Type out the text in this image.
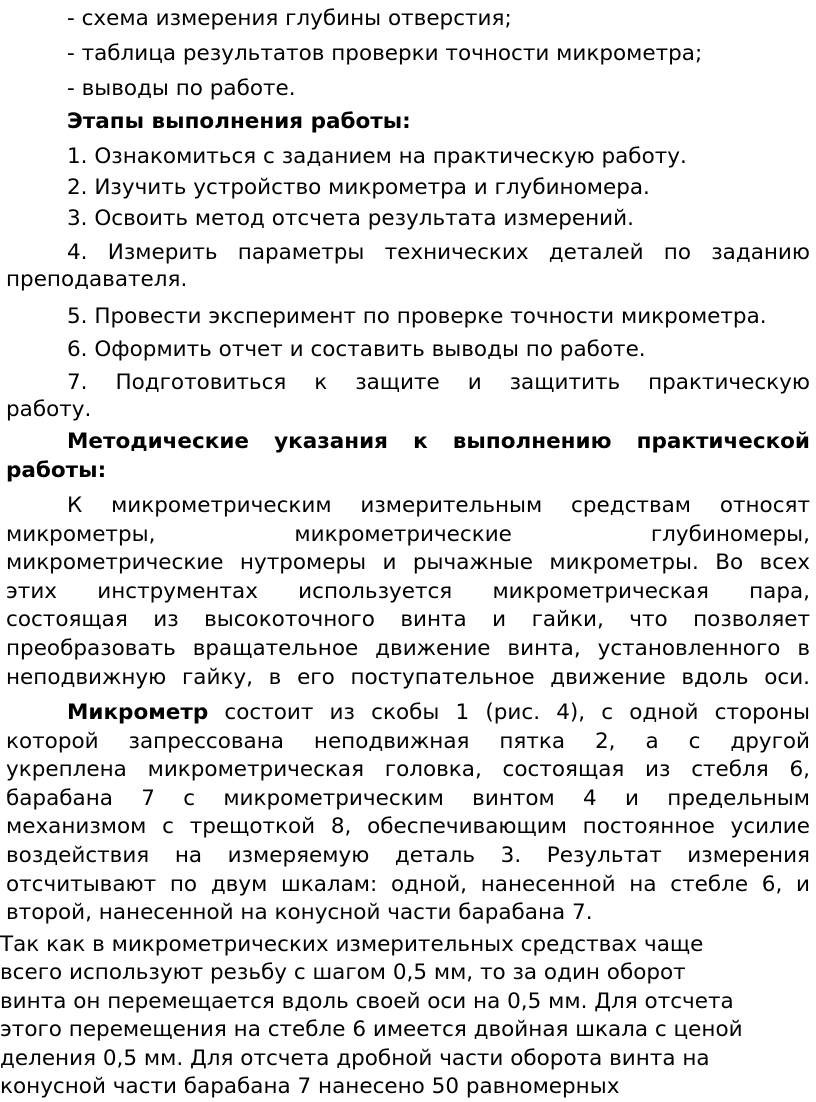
- схема измерения глубины отверстия;

- таблица результатов проверки точности микрометра;

- выводы по работе.

Этапы выполнения работы:

1. Ознакомиться с заданием на практическую работу.

2. Изучить устройство микрометра и глубиномера.

3. Освоить метод отсчета результата измерений.

4. Измерить параметры технических деталей по заданию

преподавателя.

5. Провести эксперимент по проверке точности микрометра.

6. Оформить отчет и составить выводы по работе.

7. Подготовиться к защите и защитить практическую

работу.

Методические указания к выполнению практической

работы:

К микрометрическим измерительным средствам относят

микрометры, микрометрические глубиномеры,

микрометрические нутромеры и рычажные микрометры. Во всех

этих инструментах используется микрометрическая пара,

состоящая из высокоточного винта и гайки, что позволяет

преобразовать вращательное движение винта, установленного в

неподвижную гайку, в его поступательное движение вдоль оси.

Микрометр состоит из скобы 1 (рис. 4), с одной стороны

которой запрессована неподвижная пятка 2, а с другой

укреплена микрометрическая головка, состоящая из стебля 6,

барабана 7 с микрометрическим винтом 4 и предельным

механизмом с трещоткой 8, обеспечивающим постоянное усилие

воздействия на измеряемую деталь 3. Результат измерения

отсчитывают по двум шкалам: одной, нанесенной на стебле 6, и

второй, нанесенной на конусной части барабана 7.

Так как в микрометрических измерительных средствах чаще

всего используют резьбу с шагом 0,5 мм, то за один оборот

винта он перемещается вдоль своей оси на 0,5 мм. Для отсчета

этого перемещения на стебле 6 имеется двойная шкала с ценой

деления 0,5 мм. Для отсчета дробной части оборота винта на

конусной части барабана 7 нанесено 50 равномерных
